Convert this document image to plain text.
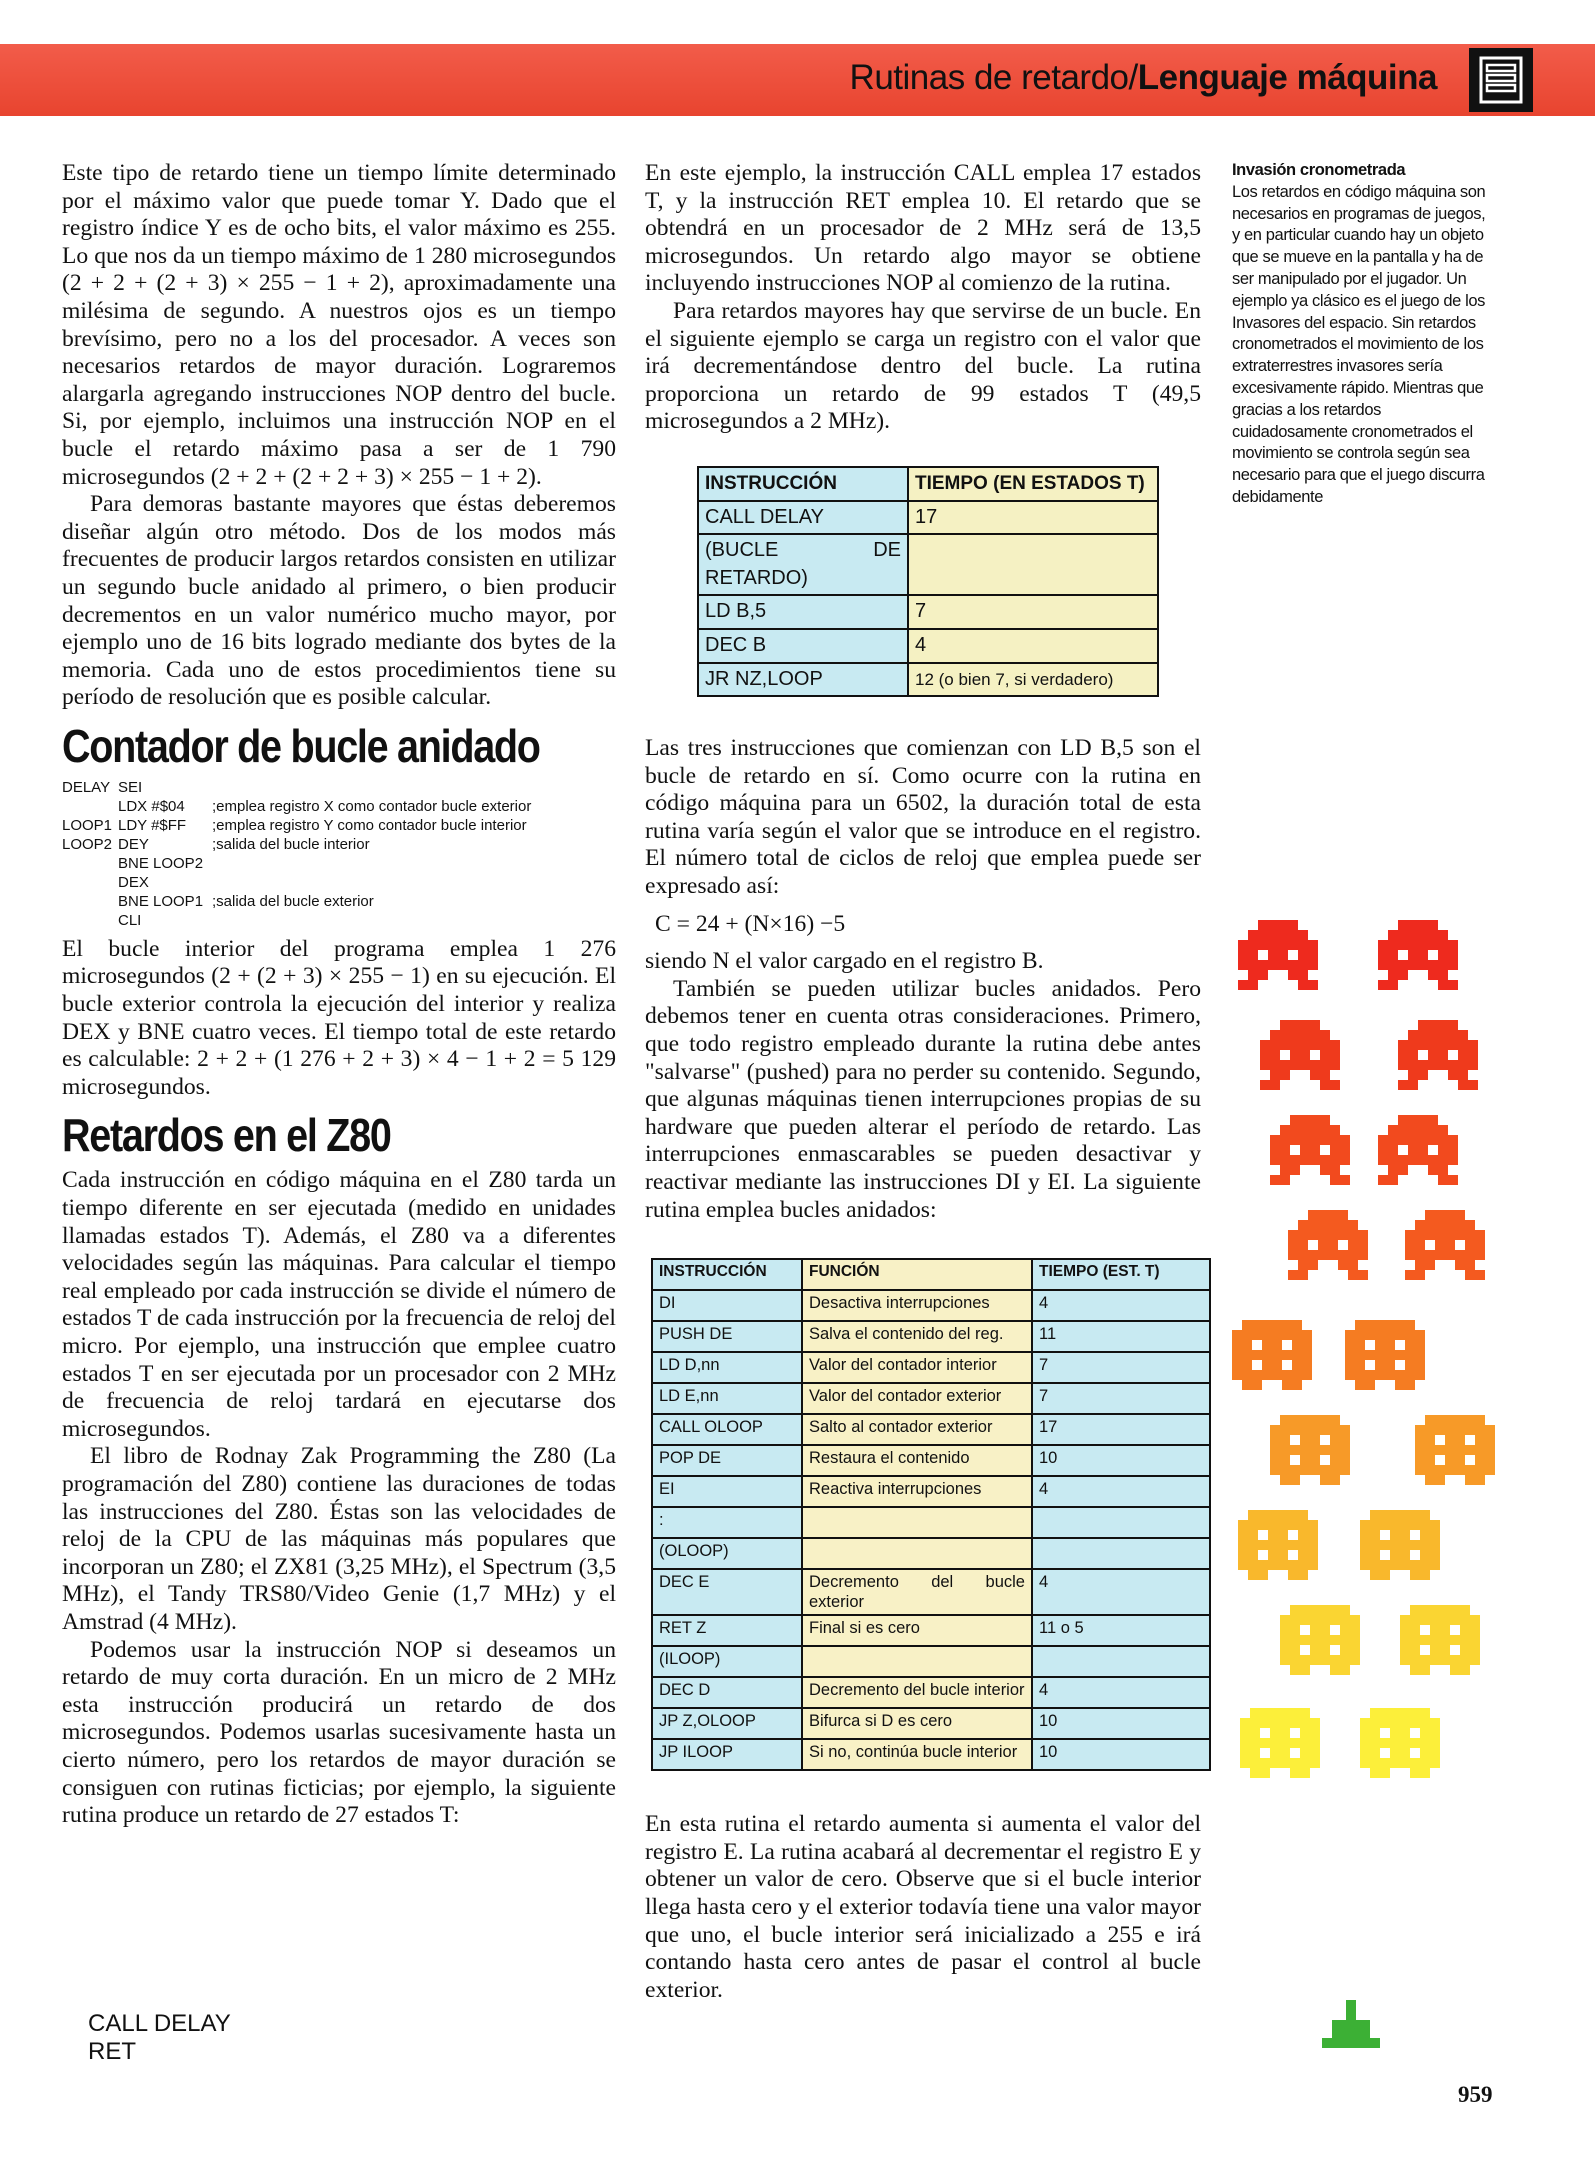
Rutinas de retardo/Lenguaje máquina

Este tipo de retardo tiene un tiempo límite determinado por el máximo valor que puede tomar Y. Dado que el registro índice Y es de ocho bits, el valor máximo es 255. Lo que nos da un tiempo máximo de 1 280 microsegundos (2 + 2 + (2 + 3) × 255 − 1 + 2), aproximadamente una milésima de segundo. A nuestros ojos es un tiempo brevísimo, pero no a los del procesador. A veces son necesarios retardos de mayor duración. Lograremos alargarla agregando instrucciones NOP dentro del bucle. Si, por ejemplo, incluimos una instrucción NOP en el bucle el retardo máximo pasa a ser de 1 790 microsegundos (2 + 2 + (2 + 2 + 3) × 255 − 1 + 2).

Para demoras bastante mayores que éstas deberemos diseñar algún otro método. Dos de los modos más frecuentes de producir largos retardos consisten en utilizar un segundo bucle anidado al primero, o bien producir decrementos en un valor numérico mucho mayor, por ejemplo uno de 16 bits logrado mediante dos bytes de la memoria. Cada uno de estos procedimientos tiene su período de resolución que es posible calcular.

Contador de bucle anidado
DELAY SEI
LDX #$04	;emplea registro X como contador bucle exterior
LOOP1 LDY #$FF	;emplea registro Y como contador bucle interior
LOOP2 DEY	;salida del bucle interior
BNE LOOP2
DEX
BNE LOOP1 ;salida del bucle exterior
CLI

El bucle interior del programa emplea 1 276 microsegundos (2 + (2 + 3) × 255 − 1) en su ejecución. El bucle exterior controla la ejecución del interior y realiza DEX y BNE cuatro veces. El tiempo total de este retardo es calculable: 2 + 2 + (1 276 + 2 + 3) × 4 − 1 + 2 = 5 129 microsegundos.

Retardos en el Z80

Cada instrucción en código máquina en el Z80 tarda un tiempo diferente en ser ejecutada (medido en unidades llamadas estados T). Además, el Z80 va a diferentes velocidades según las máquinas. Para calcular el tiempo real empleado por cada instrucción se divide el número de estados T de cada instrucción por la frecuencia de reloj del micro. Por ejemplo, una instrucción que emplee cuatro estados T en ser ejecutada por un procesador con 2 MHz de frecuencia de reloj tardará en ejecutarse dos microsegundos.

El libro de Rodnay Zak Programming the Z80 (La programación del Z80) contiene las duraciones de todas las instrucciones del Z80. Éstas son las velocidades de reloj de la CPU de las máquinas más populares que incorporan un Z80; el ZX81 (3,25 MHz), el Spectrum (3,5 MHz), el Tandy TRS80/Video Genie (1,7 MHz) y el Amstrad (4 MHz).

Podemos usar la instrucción NOP si deseamos un retardo de muy corta duración. En un micro de 2 MHz esta instrucción producirá un retardo de dos microsegundos. Podemos usarlas sucesivamente hasta un cierto número, pero los retardos de mayor duración se consiguen con rutinas ficticias; por ejemplo, la siguiente rutina produce un retardo de 27 estados T:

CALL DELAY
RET

En este ejemplo, la instrucción CALL emplea 17 estados T, y la instrucción RET emplea 10. El retardo que se obtendrá en un procesador de 2 MHz será de 13,5 microsegundos. Un retardo algo mayor se obtiene incluyendo instrucciones NOP al comienzo de la rutina.

Para retardos mayores hay que servirse de un bucle. En el siguiente ejemplo se carga un registro con el valor que irá decrementándose dentro del bucle. La rutina proporciona un retardo de 99 estados T (49,5 microsegundos a 2 MHz).

INSTRUCCIÓN	TIEMPO (EN ESTADOS T)
CALL DELAY	17
(BUCLE DE RETARDO)	
LD B,5	7
DEC B	4
JR NZ,LOOP	12 (o bien 7, si verdadero)

Las tres instrucciones que comienzan con LD B,5 son el bucle de retardo en sí. Como ocurre con la rutina en código máquina para un 6502, la duración total de esta rutina varía según el valor que se introduce en el registro. El número total de ciclos de reloj que emplea puede ser expresado así:

C = 24 + (N×16) −5

siendo N el valor cargado en el registro B.

También se pueden utilizar bucles anidados. Pero debemos tener en cuenta otras consideraciones. Primero, que todo registro empleado durante la rutina debe antes "salvarse" (pushed) para no perder su contenido. Segundo, que algunas máquinas tienen interrupciones propias de su hardware que pueden alterar el período de retardo. Las interrupciones enmascarables se pueden desactivar y reactivar mediante las instrucciones DI y EI. La siguiente rutina emplea bucles anidados:

INSTRUCCIÓN	FUNCIÓN	TIEMPO (EST. T)
DI	Desactiva interrupciones	4
PUSH DE	Salva el contenido del reg.	11
LD D,nn	Valor del contador interior	7
LD E,nn	Valor del contador exterior	7
CALL OLOOP	Salto al contador exterior	17
POP DE	Restaura el contenido	10
EI	Reactiva interrupciones	4
:		
(OLOOP)		
DEC E	Decremento del bucle exterior	4
RET Z	Final si es cero	11 o 5
(ILOOP)		
DEC D	Decremento del bucle interior	4
JP Z,OLOOP	Bifurca si D es cero	10
JP ILOOP	Si no, continúa bucle interior	10

En esta rutina el retardo aumenta si aumenta el valor del registro E. La rutina acabará al decrementar el registro E y obtener un valor de cero. Observe que si el bucle interior llega hasta cero y el exterior todavía tiene una valor mayor que uno, el bucle interior será inicializado a 255 e irá contando hasta cero antes de pasar el control al bucle exterior.

Invasión cronometrada
Los retardos en código máquina son necesarios en programas de juegos, y en particular cuando hay un objeto que se mueve en la pantalla y ha de ser manipulado por el jugador. Un ejemplo ya clásico es el juego de los Invasores del espacio. Sin retardos cronometrados el movimiento de los extraterrestres invasores sería excesivamente rápido. Mientras que gracias a los retardos cuidadosamente cronometrados el movimiento se controla según sea necesario para que el juego discurra debidamente
959
